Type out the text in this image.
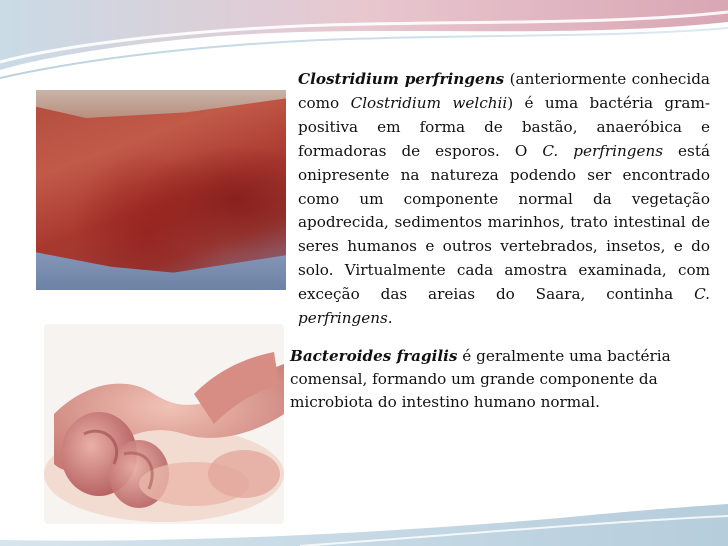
Clostridium perfringens (anteriormente conhecida como Clostridium welchii) é uma bactéria gram-positiva em forma de bastão, anaeróbica e formadoras de esporos. O C. perfringens está onipresente na natureza podendo ser encontrado como um componente normal da vegetação apodrecida, sedimentos marinhos, trato intestinal de seres humanos e outros vertebrados, insetos, e do solo. Virtualmente cada amostra examinada, com exceção das areias do Saara, continha C. perfringens.
Bacteroides fragilis é geralmente uma bactéria comensal, formando um grande componente da microbiota do intestino humano normal.
